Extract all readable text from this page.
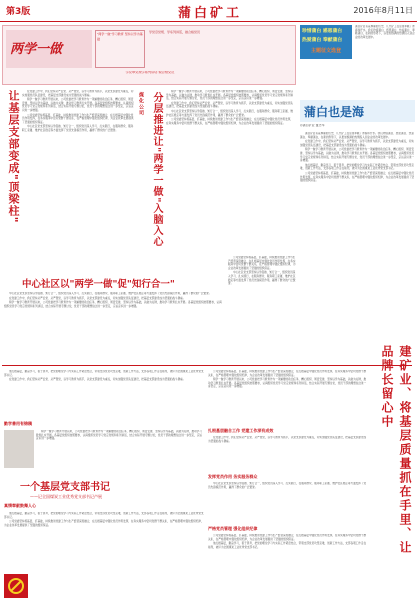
第3版	蒲白矿工	2016年8月11日
两学一做
"两学一做"学习教育 坚持以学为基础
学党章党规、学系列讲话，做合格党员
学党章党规学系列讲话 做合格党员
珍惜蒲白 感恩蒲白
热爱蒲白 奉献蒲白
主题征文选登
蒲白矿业有着厚重的历史，几代矿工在这里奉献了青春和汗水。我们珍惜蒲白、感恩蒲白、热爱蒲白、奉献蒲白，在新的形势下，以更加饱满的热情投入到企业的改革发展中。
让基层支部变成"顶梁柱"	在党建工作中，我们坚持从严治党、从严管党，以学习教育为抓手，以党支部建设为重点，切实加强党员队伍建设，把基层支部建设成为坚强的战斗堡垒。

两学一做学习教育开展以来，公司党委把学习教育作为一项重要的政治任务，精心组织、周密安排，坚持以学为基础，以做为关键，推动学习教育扎实开展。各基层党组织按照要求，认真组织党员学习党章党规和系列讲话，结合实际开展专题讨论，党员干部的理想信念进一步坚定，宗旨意识进一步增强。

公司党委坚持抓基层、打基础，持续推进党建工作与生产经营深度融合，在扎根基层中强化党员作用发挥，在务实服务中密切党群干群关系，在严格管理中强化组织纪律，为企业改革发展提供了坚强的组织保证。

中心社区党支部坚持以学促做、知行合一，组织党员深入学习、扎实践行，在服务群众、服务职工家属、维护社区稳定等方面发挥了党员先锋模范作用，赢得了群众的广泛赞誉。

煤化公司 分层推进让"两学一做"入脑入心

两学一做学习教育开展以来，公司党委把学习教育作为一项重要的政治任务，精心组织、周密安排，坚持以学为基础，以做为关键，推动学习教育扎实开展。各基层党组织按照要求，认真组织党员学习党章党规和系列讲话，结合实际开展专题讨论，党员干部的理想信念进一步坚定，宗旨意识进一步增强。

在党建工作中，我们坚持从严治党、从严管党，以学习教育为抓手，以党支部建设为重点，切实加强党员队伍建设，把基层支部建设成为坚强的战斗堡垒。

中心社区党支部坚持以学促做、知行合一，组织党员深入学习、扎实践行，在服务群众、服务职工家属、维护社区稳定等方面发挥了党员先锋模范作用，赢得了群众的广泛赞誉。

公司党委坚持抓基层、打基础，持续推进党建工作与生产经营深度融合，在扎根基层中强化党员作用发挥，在务实服务中密切党群干群关系，在严格管理中强化组织纪律，为企业改革发展提供了坚强的组织保证。

蒲白也是海
◎蒲白矿业 董志华

蒲白矿业有着厚重的历史，几代矿工在这里奉献了青春和汗水。我们珍惜蒲白、感恩蒲白、热爱蒲白、奉献蒲白，在新的形势下，以更加饱满的热情投入到企业的改革发展中。

在党建工作中，我们坚持从严治党、从严管党，以学习教育为抓手，以党支部建设为重点，切实加强党员队伍建设，把基层支部建设成为坚强的战斗堡垒。

两学一做学习教育开展以来，公司党委把学习教育作为一项重要的政治任务，精心组织、周密安排，坚持以学为基础，以做为关键，推动学习教育扎实开展。各基层党组织按照要求，认真组织党员学习党章党规和系列讲话，结合实际开展专题讨论，党员干部的理想信念进一步坚定，宗旨意识进一步增强。

他扎根基层，勤奋学习，善于思考，把党的理论学习与实际工作紧密结合，带领支部党员攻坚克难，创新工作方法，支部各项工作走在前列，被评为全国煤炭工业优秀党支部书记。

公司党委坚持抓基层、打基础，持续推进党建工作与生产经营深度融合，在扎根基层中强化党员作用发挥，在务实服务中密切党群干群关系，在严格管理中强化组织纪律，为企业改革发展提供了坚强的组织保证。

中心社区以"两学一做"促"知行合一"

中心社区党支部坚持以学促做、知行合一，组织党员深入学习、扎实践行，在服务群众、服务职工家属、维护社区稳定等方面发挥了党员先锋模范作用，赢得了群众的广泛赞誉。

在党建工作中，我们坚持从严治党、从严管党，以学习教育为抓手，以党支部建设为重点，切实加强党员队伍建设，把基层支部建设成为坚强的战斗堡垒。

两学一做学习教育开展以来，公司党委把学习教育作为一项重要的政治任务，精心组织、周密安排，坚持以学为基础，以做为关键，推动学习教育扎实开展。各基层党组织按照要求，认真组织党员学习党章党规和系列讲话，结合实际开展专题讨论，党员干部的理想信念进一步坚定，宗旨意识进一步增强。

公司党委坚持抓基层、打基础，持续推进党建工作与生产经营深度融合，在扎根基层中强化党员作用发挥，在务实服务中密切党群干群关系，在严格管理中强化组织纪律，为企业改革发展提供了坚强的组织保证。

中心社区党支部坚持以学促做、知行合一，组织党员深入学习、扎实践行，在服务群众、服务职工家属、维护社区稳定等方面发挥了党员先锋模范作用，赢得了群众的广泛赞誉。

他扎根基层，勤奋学习，善于思考，把党的理论学习与实际工作紧密结合，带领支部党员攻坚克难，创新工作方法，支部各项工作走在前列，被评为全国煤炭工业优秀党支部书记。

在党建工作中，我们坚持从严治党、从严管党，以学习教育为抓手，以党支部建设为重点，切实加强党员队伍建设，把基层支部建设成为坚强的战斗堡垒。

勤学善用有锦稿

两学一做学习教育开展以来，公司党委把学习教育作为一项重要的政治任务，精心组织、周密安排，坚持以学为基础，以做为关键，推动学习教育扎实开展。各基层党组织按照要求，认真组织党员学习党章党规和系列讲话，结合实际开展专题讨论，党员干部的理想信念进一步坚定，宗旨意识进一步增强。

一个基层党支部书记
——记全国煤炭工业优秀党支部书记卢展
真情奉献鼓舞人心

他扎根基层，勤奋学习，善于思考，把党的理论学习与实际工作紧密结合，带领支部党员攻坚克难，创新工作方法，支部各项工作走在前列，被评为全国煤炭工业优秀党支部书记。

公司党委坚持抓基层、打基础，持续推进党建工作与生产经营深度融合，在扎根基层中强化党员作用发挥，在务实服务中密切党群干群关系，在严格管理中强化组织纪律，为企业改革发展提供了坚强的组织保证。

公司党委坚持抓基层、打基础，持续推进党建工作与生产经营深度融合，在扎根基层中强化党员作用发挥，在务实服务中密切党群干群关系，在严格管理中强化组织纪律，为企业改革发展提供了坚强的组织保证。

两学一做学习教育开展以来，公司党委把学习教育作为一项重要的政治任务，精心组织、周密安排，坚持以学为基础，以做为关键，推动学习教育扎实开展。各基层党组织按照要求，认真组织党员学习党章党规和系列讲话，结合实际开展专题讨论，党员干部的理想信念进一步坚定，宗旨意识进一步增强。

扎根基层融合工作 党建工作深有成效

在党建工作中，我们坚持从严治党、从严管党，以学习教育为抓手，以党支部建设为重点，切实加强党员队伍建设，把基层支部建设成为坚强的战斗堡垒。

发挥党员作用 务实服务群众

中心社区党支部坚持以学促做、知行合一，组织党员深入学习、扎实践行，在服务群众、服务职工家属、维护社区稳定等方面发挥了党员先锋模范作用，赢得了群众的广泛赞誉。

严格党员管理 强化组织纪律

公司党委坚持抓基层、打基础，持续推进党建工作与生产经营深度融合，在扎根基层中强化党员作用发挥，在务实服务中密切党群干群关系，在严格管理中强化组织纪律，为企业改革发展提供了坚强的组织保证。

他扎根基层，勤奋学习，善于思考，把党的理论学习与实际工作紧密结合，带领支部党员攻坚克难，创新工作方法，支部各项工作走在前列，被评为全国煤炭工业优秀党支部书记。	建矿业、将基层质量抓在手里、让品牌长留心中
